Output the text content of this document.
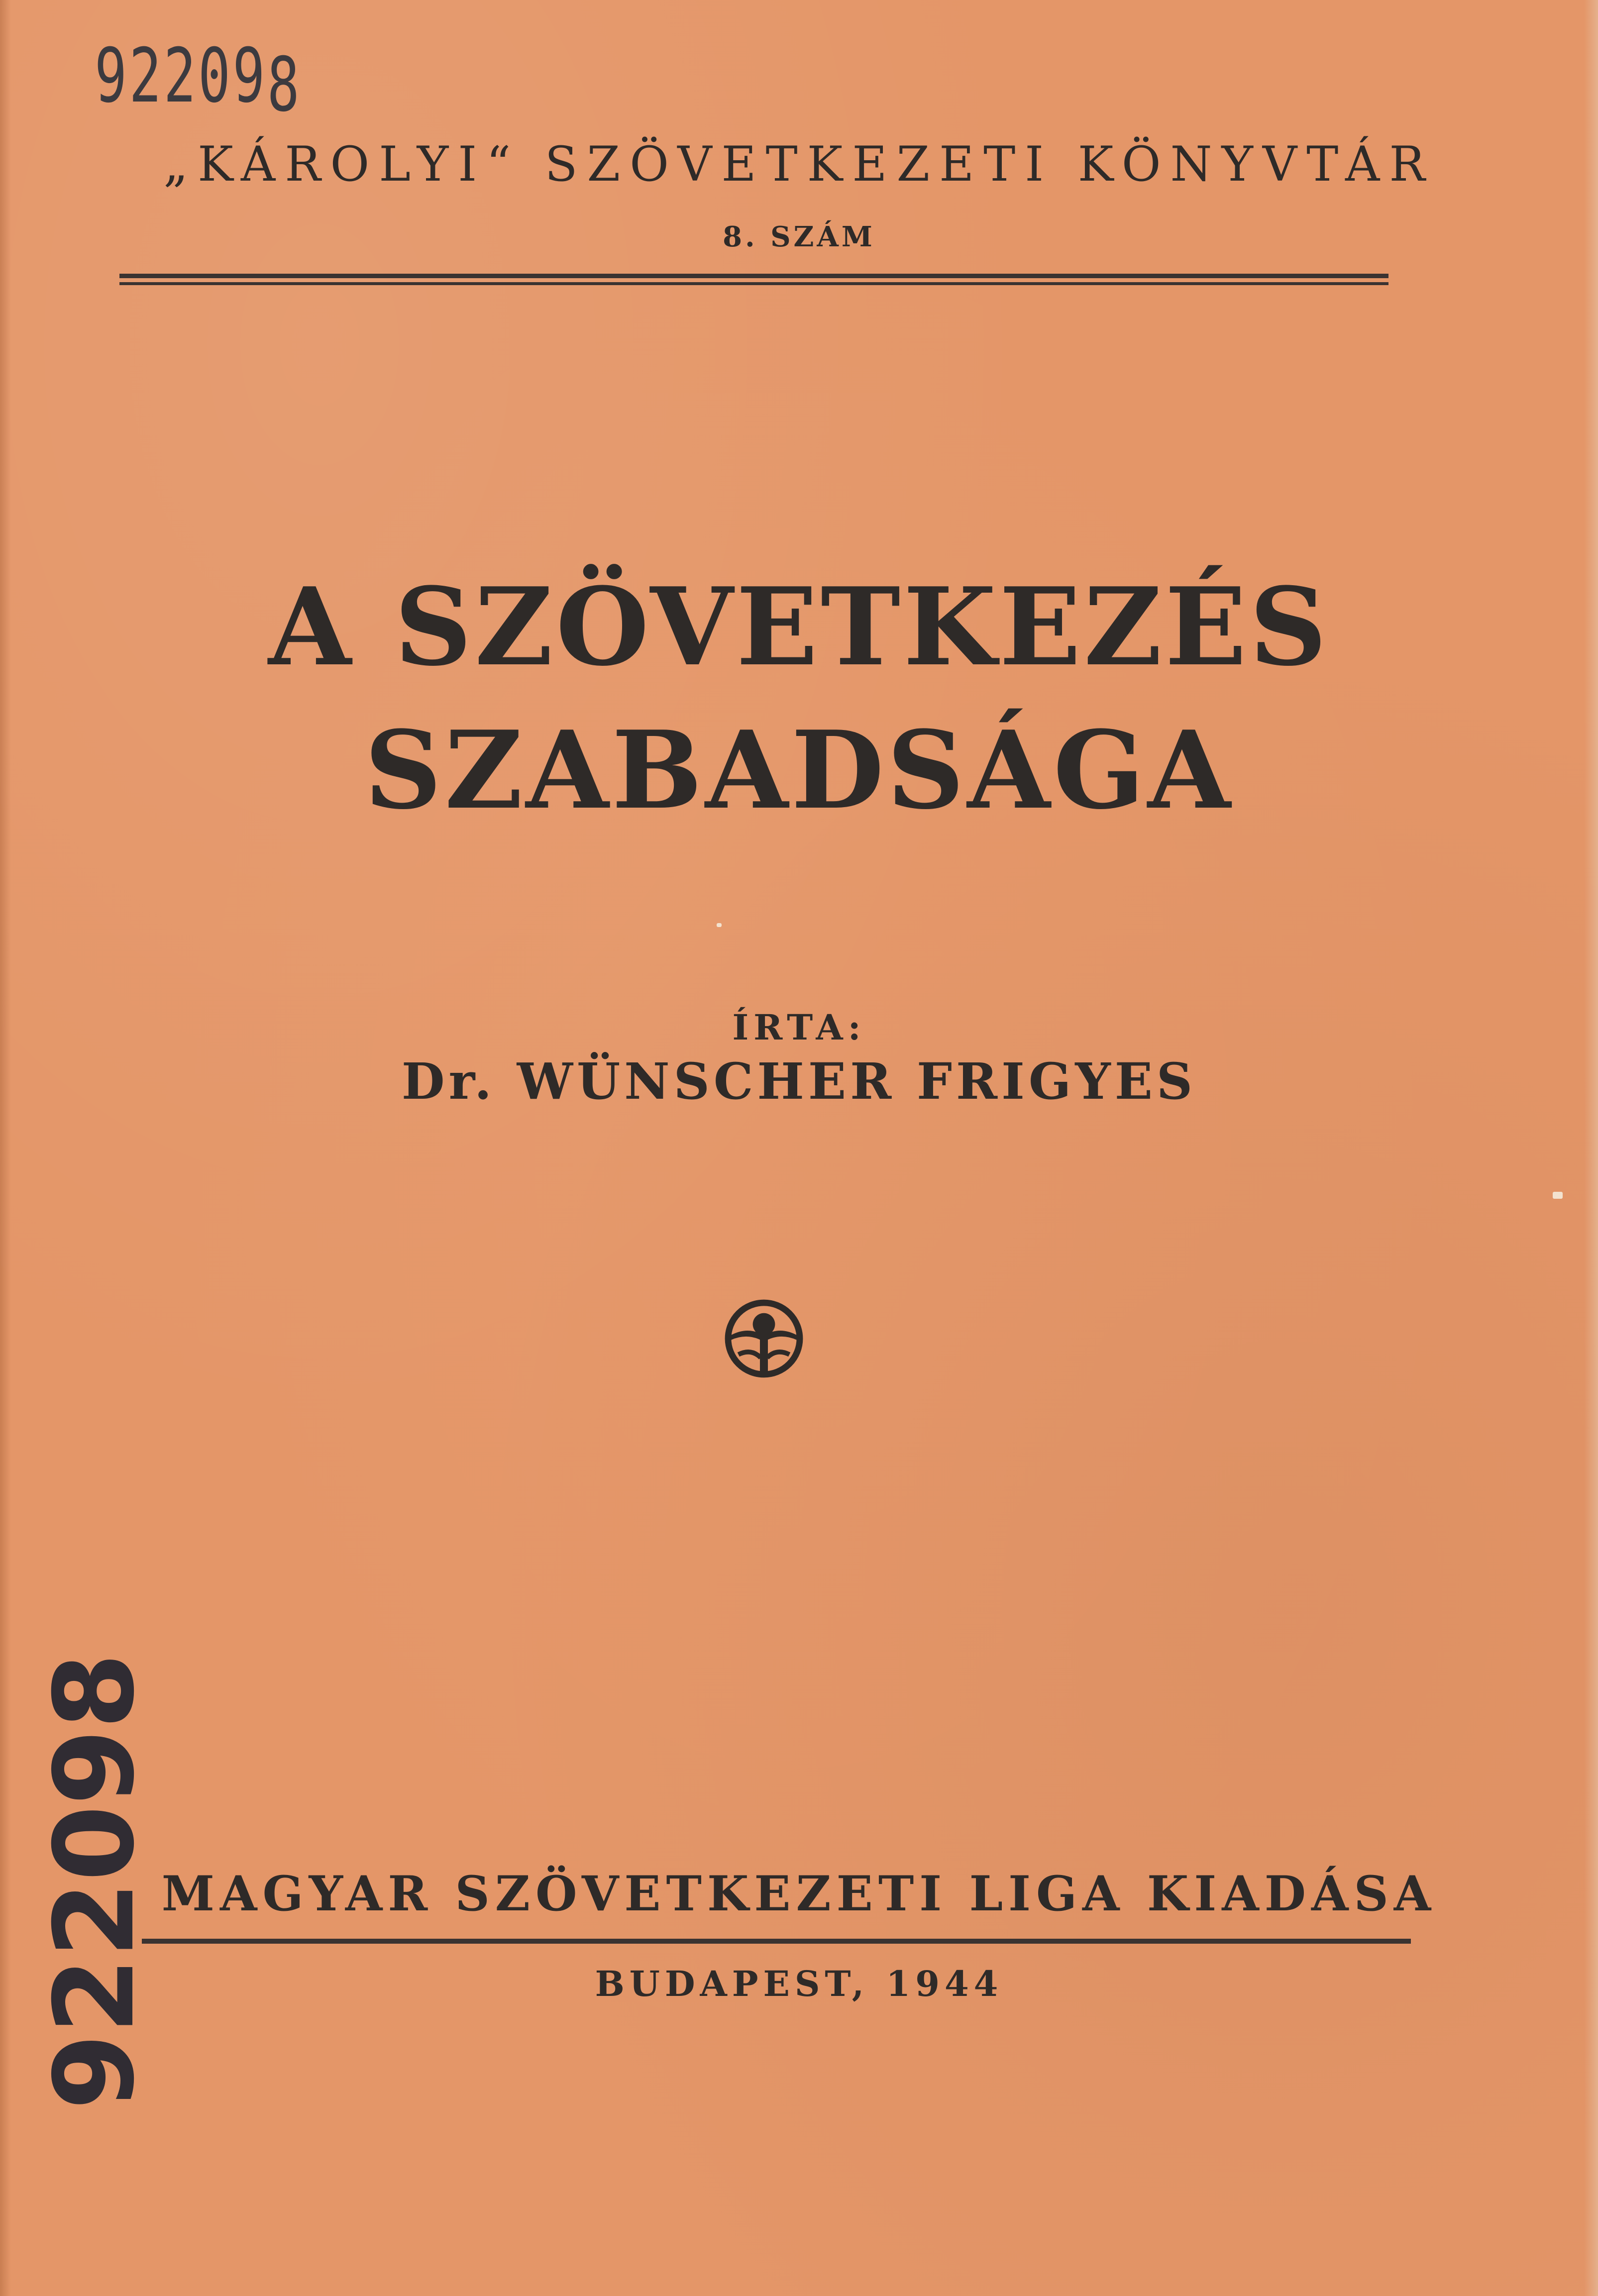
922098
922098
„KÁROLYI“ SZÖVETKEZETI KÖNYVTÁR
8. SZÁM
A SZÖVETKEZÉS
SZABADSÁGA
ÍRTA:
Dr. WÜNSCHER FRIGYES
MAGYAR SZÖVETKEZETI LIGA KIADÁSA
BUDAPEST, 1944
